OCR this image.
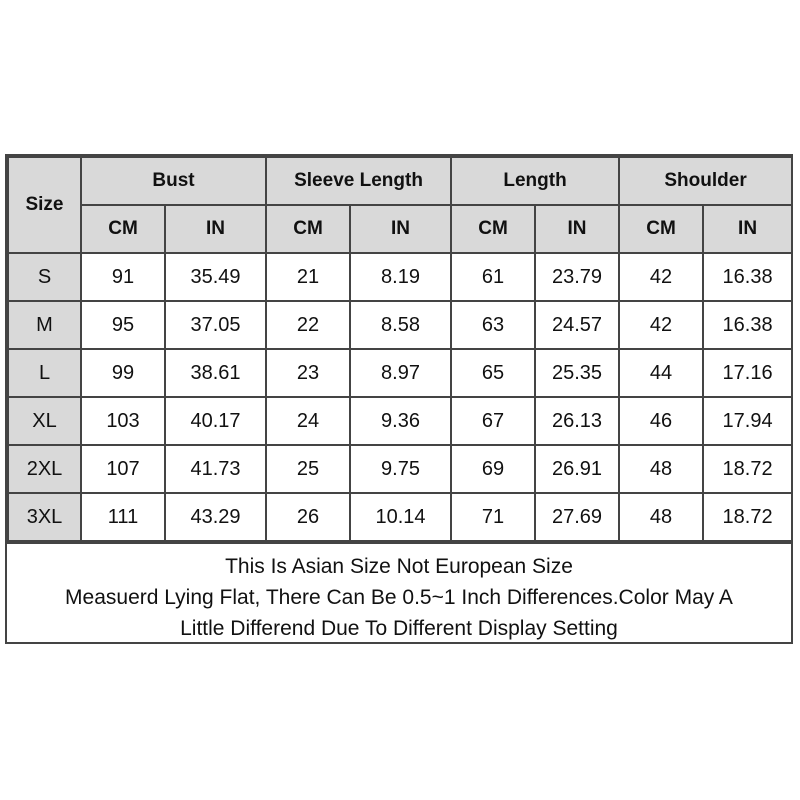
Size	Bust		Sleeve Length		Length		Shoulder	
	CM	IN	CM	IN	CM	IN	CM	IN
S	91	35.49	21	8.19	61	23.79	42	16.38
M	95	37.05	22	8.58	63	24.57	42	16.38
L	99	38.61	23	8.97	65	25.35	44	17.16
XL	103	40.17	24	9.36	67	26.13	46	17.94
2XL	107	41.73	25	9.75	69	26.91	48	18.72
3XL	111	43.29	26	10.14	71	27.69	48	18.72
This Is Asian Size Not European Size
Measuerd Lying Flat, There Can Be 0.5~1 Inch Differences.Color May A
Little Differend Due To Different Display Setting
